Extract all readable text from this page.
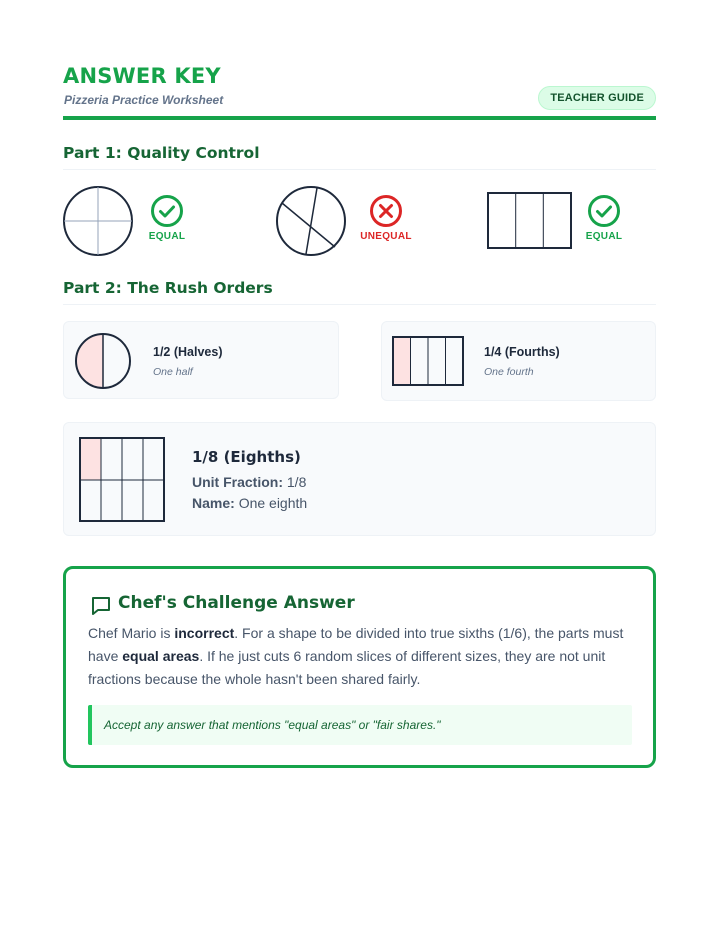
ANSWER KEY
Pizzeria Practice Worksheet	TEACHER GUIDE
Part 1: Quality Control
EQUAL	UNEQUAL	EQUAL
Part 2: The Rush Orders
1/2 (Halves)
One half
1/4 (Fourths)
One fourth
1/8 (Eighths)
Unit Fraction: 1/8
Name: One eighth
Chef's Challenge Answer

Chef Mario is incorrect. For a shape to be divided into true sixths (1/6), the parts must have equal areas. If he just cuts 6 random slices of different sizes, they are not unit fractions because the whole hasn't been shared fairly.

Accept any answer that mentions "equal areas" or "fair shares."
